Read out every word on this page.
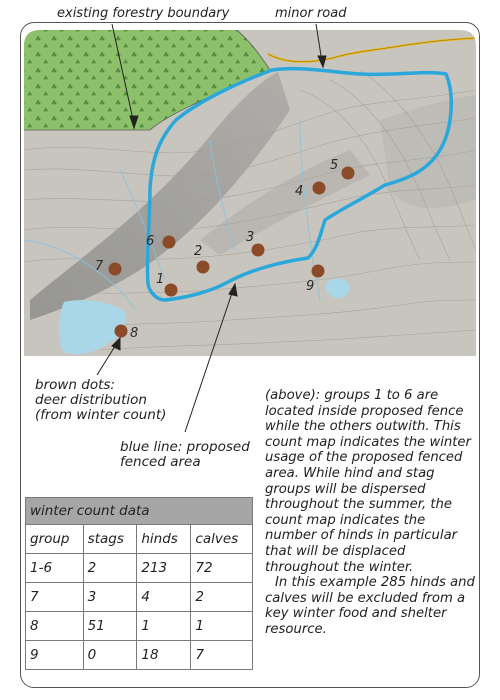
1
2
3
4
5
6
7
8
9
existing forestry boundary	minor road
brown dots:
deer distribution
(from winter count)
blue line: proposed
fenced area

(above): groups 1 to 6 are located inside proposed fence while the others outwith. This count map indicates the winter usage of the proposed fenced area. While hind and stag groups will be dispersed throughout the summer, the count map indicates the number of hinds in particular that will be displaced throughout the winter.

In this example 285 hinds and calves will be excluded from a key winter food and shelter resource.

winter count data			
group	stags	hinds	calves
1-6	2	213	72
7	3	4	2
8	51	1	1
9	0	18	7
